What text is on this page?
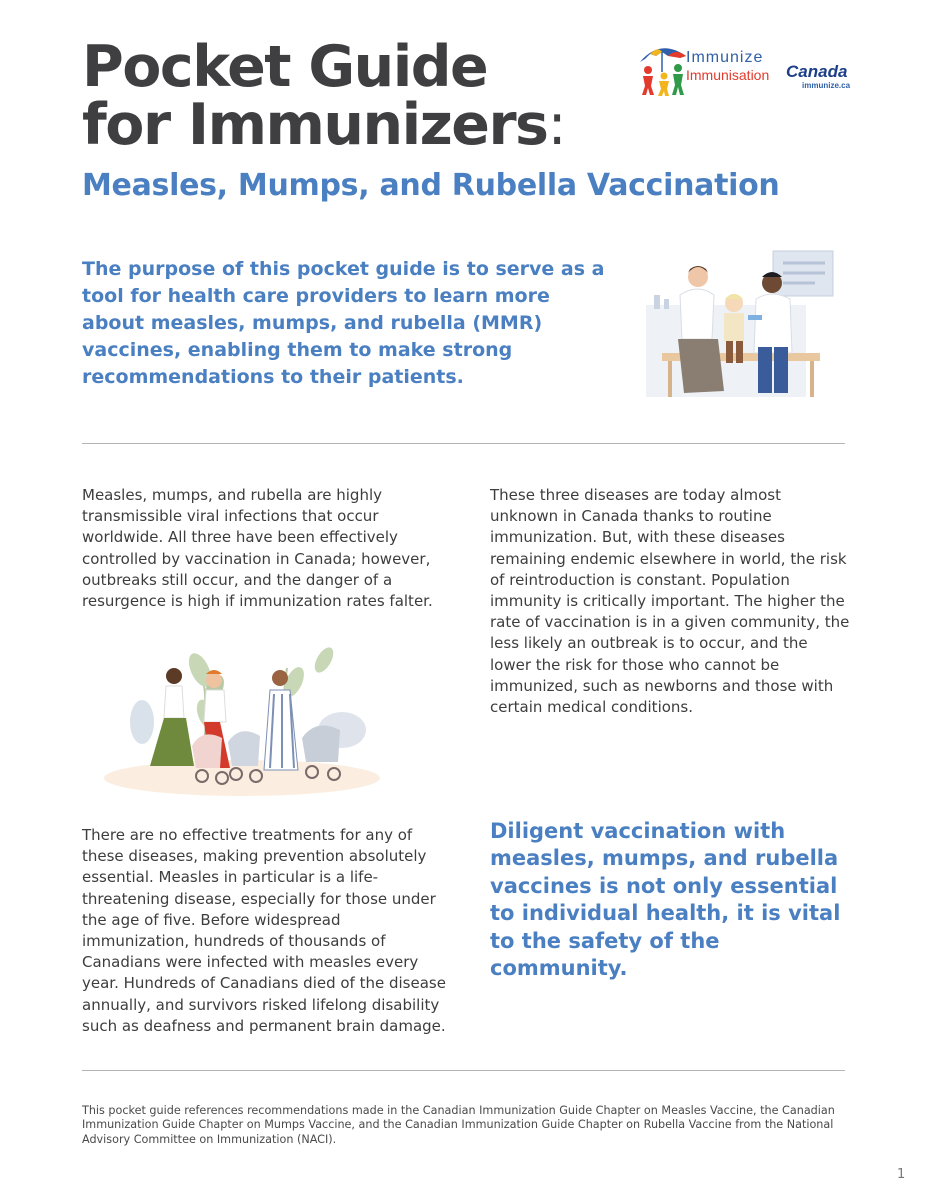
Pocket Guide
for Immunizers:
Measles, Mumps, and Rubella Vaccination
Immunize
Immunisation Canada
immunize.ca
The purpose of this pocket guide is to serve as a tool for health care providers to learn more about measles, mumps, and rubella (MMR) vaccines, enabling them to make strong recommendations to their patients.
Measles, mumps, and rubella are highly transmissible viral infections that occur worldwide. All three have been effectively controlled by vaccination in Canada; however, outbreaks still occur, and the danger of a resurgence is high if immunization rates falter.
These three diseases are today almost unknown in Canada thanks to routine immunization. But, with these diseases remaining endemic elsewhere in world, the risk of reintroduction is constant. Population immunity is critically important. The higher the rate of vaccination is in a given community, the less likely an outbreak is to occur, and the lower the risk for those who cannot be immunized, such as newborns and those with certain medical conditions.
There are no effective treatments for any of these diseases, making prevention absolutely essential. Measles in particular is a life-threatening disease, especially for those under the age of five. Before widespread immunization, hundreds of thousands of Canadians were infected with measles every year. Hundreds of Canadians died of the disease annually, and survivors risked lifelong disability such as deafness and permanent brain damage.
Diligent vaccination with measles, mumps, and rubella vaccines is not only essential to individual health, it is vital to the safety of the community.
This pocket guide references recommendations made in the Canadian Immunization Guide Chapter on Measles Vaccine, the Canadian Immunization Guide Chapter on Mumps Vaccine, and the Canadian Immunization Guide Chapter on Rubella Vaccine from the National Advisory Committee on Immunization (NACI).
1
